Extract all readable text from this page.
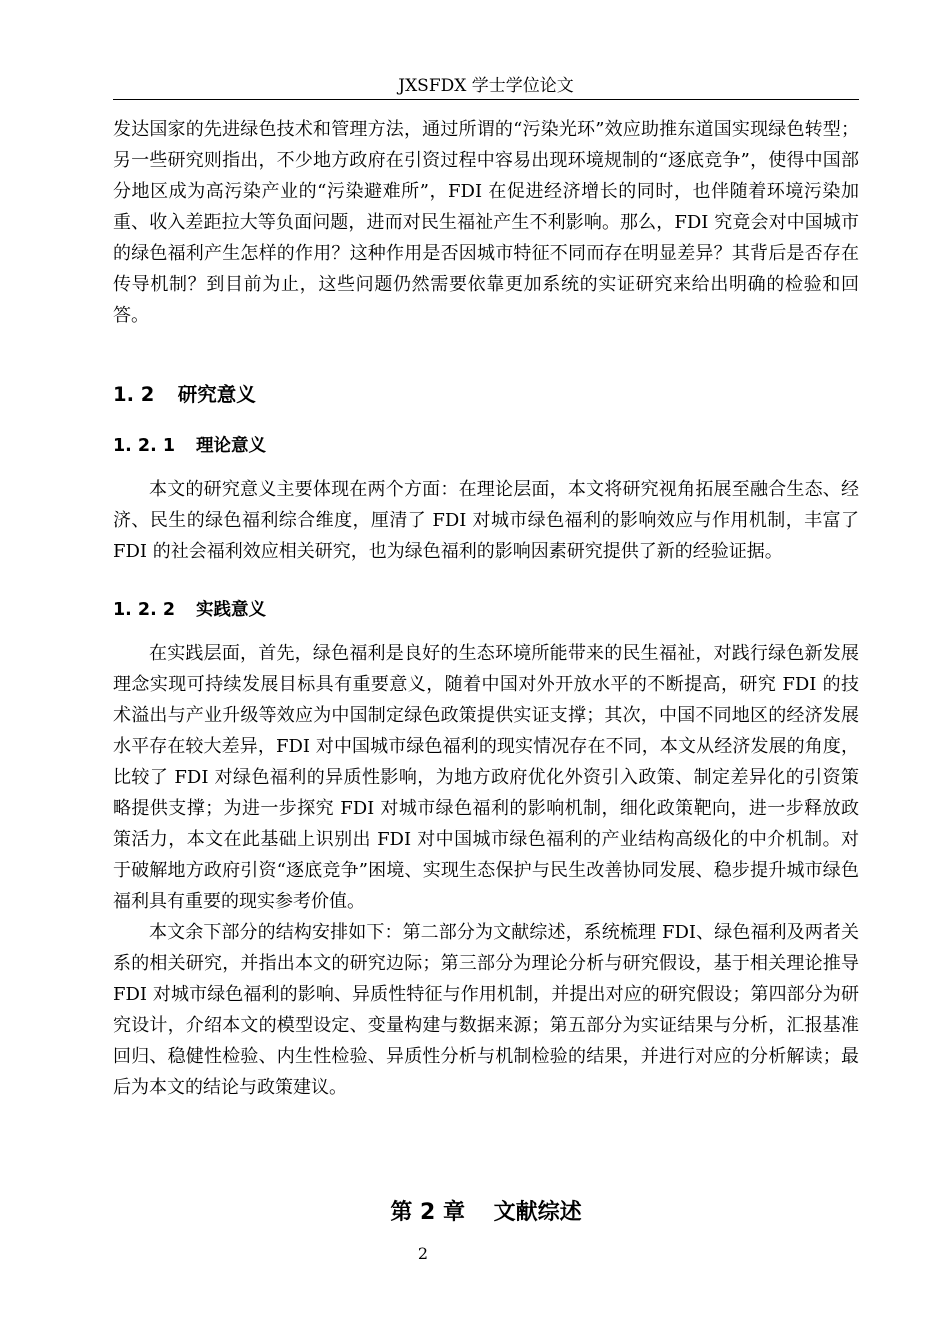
JXSFDX 学士学位论文

发达国家的先进绿色技术和管理方法，通过所谓的“污染光环”效应助推东道国实现绿色转型；另一些研究则指出，不少地方政府在引资过程中容易出现环境规制的“逐底竞争”，使得中国部分地区成为高污染产业的“污染避难所”，FDI 在促进经济增长的同时，也伴随着环境污染加重、收入差距拉大等负面问题，进而对民生福祉产生不利影响。那么，FDI 究竟会对中国城市的绿色福利产生怎样的作用？这种作用是否因城市特征不同而存在明显差异？其背后是否存在传导机制？到目前为止，这些问题仍然需要依靠更加系统的实证研究来给出明确的检验和回答。

1. 2 研究意义
1. 2. 1 理论意义

本文的研究意义主要体现在两个方面：在理论层面，本文将研究视角拓展至融合生态、经济、民生的绿色福利综合维度，厘清了 FDI 对城市绿色福利的影响效应与作用机制，丰富了 FDI 的社会福利效应相关研究，也为绿色福利的影响因素研究提供了新的经验证据。

1. 2. 2 实践意义

在实践层面，首先，绿色福利是良好的生态环境所能带来的民生福祉，对践行绿色新发展理念实现可持续发展目标具有重要意义，随着中国对外开放水平的不断提高，研究 FDI 的技术溢出与产业升级等效应为中国制定绿色政策提供实证支撑；其次，中国不同地区的经济发展水平存在较大差异，FDI 对中国城市绿色福利的现实情况存在不同，本文从经济发展的角度，比较了 FDI 对绿色福利的异质性影响，为地方政府优化外资引入政策、制定差异化的引资策略提供支撑；为进一步探究 FDI 对城市绿色福利的影响机制，细化政策靶向，进一步释放政策活力，本文在此基础上识别出 FDI 对中国城市绿色福利的产业结构高级化的中介机制。对于破解地方政府引资“逐底竞争”困境、实现生态保护与民生改善协同发展、稳步提升城市绿色福利具有重要的现实参考价值。

本文余下部分的结构安排如下：第二部分为文献综述，系统梳理 FDI、绿色福利及两者关系的相关研究，并指出本文的研究边际；第三部分为理论分析与研究假设，基于相关理论推导 FDI 对城市绿色福利的影响、异质性特征与作用机制，并提出对应的研究假设；第四部分为研究设计，介绍本文的模型设定、变量构建与数据来源；第五部分为实证结果与分析，汇报基准回归、稳健性检验、内生性检验、异质性分析与机制检验的结果，并进行对应的分析解读；最后为本文的结论与政策建议。

第 2 章 文献综述
2
